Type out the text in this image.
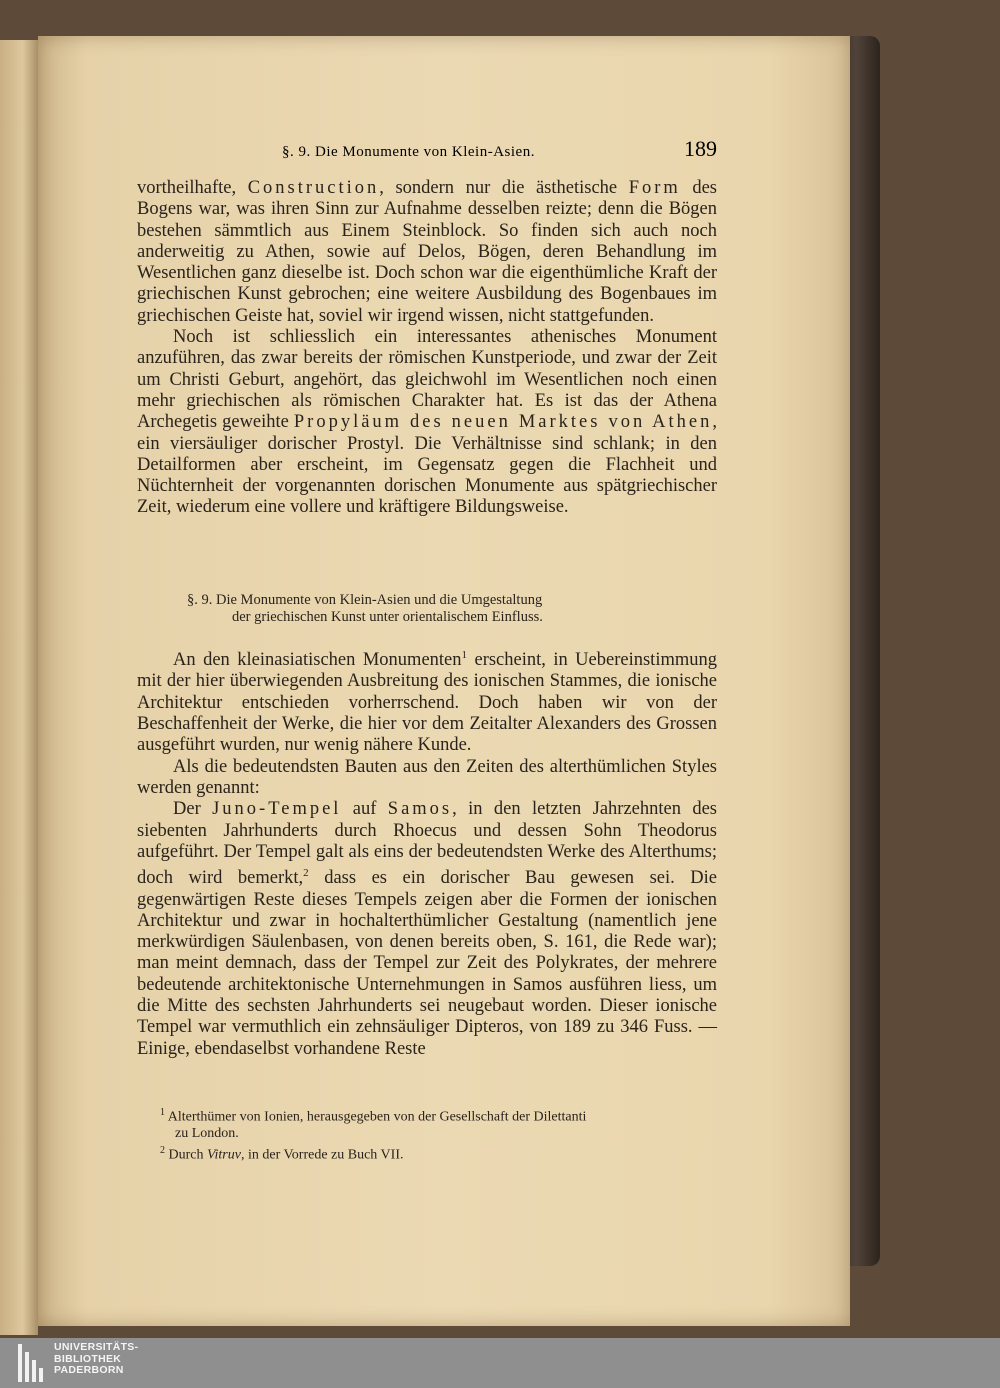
§. 9. Die Monumente von Klein-Asien.	189

vortheilhafte, Construction, sondern nur die ästhetische Form des Bogens war, was ihren Sinn zur Aufnahme desselben reizte; denn die Bögen bestehen sämmtlich aus Einem Steinblock. So finden sich auch noch anderweitig zu Athen, sowie auf Delos, Bögen, deren Behandlung im Wesentlichen ganz dieselbe ist. Doch schon war die eigenthümliche Kraft der griechischen Kunst gebrochen; eine weitere Ausbildung des Bogenbaues im griechischen Geiste hat, soviel wir irgend wissen, nicht stattgefunden.

Noch ist schliesslich ein interessantes athenisches Monument anzuführen, das zwar bereits der römischen Kunstperiode, und zwar der Zeit um Christi Geburt, angehört, das gleichwohl im Wesentlichen noch einen mehr griechischen als römischen Charakter hat. Es ist das der Athena Archegetis geweihte Propyläum des neuen Marktes von Athen, ein viersäuliger dorischer Prostyl. Die Verhältnisse sind schlank; in den Detailformen aber erscheint, im Gegensatz gegen die Flachheit und Nüchternheit der vorgenannten dorischen Monumente aus spätgriechischer Zeit, wiederum eine vollere und kräftigere Bildungsweise.

§. 9. Die Monumente von Klein-Asien und die Umgestaltung
der griechischen Kunst unter orientalischem Einfluss.

An den kleinasiatischen Monumenten$^1$ erscheint, in Uebereinstimmung mit der hier überwiegenden Ausbreitung des ionischen Stammes, die ionische Architektur entschieden vorherrschend. Doch haben wir von der Beschaffenheit der Werke, die hier vor dem Zeitalter Alexanders des Grossen ausgeführt wurden, nur wenig nähere Kunde.

Als die bedeutendsten Bauten aus den Zeiten des alterthümlichen Styles werden genannt:

Der Juno-Tempel auf Samos, in den letzten Jahrzehnten des siebenten Jahrhunderts durch Rhoecus und dessen Sohn Theodorus aufgeführt. Der Tempel galt als eins der bedeutendsten Werke des Alterthums; doch wird bemerkt,$^2$ dass es ein dorischer Bau gewesen sei. Die gegenwärtigen Reste dieses Tempels zeigen aber die Formen der ionischen Architektur und zwar in hochalterthümlicher Gestaltung (namentlich jene merkwürdigen Säulenbasen, von denen bereits oben, S. 161, die Rede war); man meint demnach, dass der Tempel zur Zeit des Polykrates, der mehrere bedeutende architektonische Unternehmungen in Samos ausführen liess, um die Mitte des sechsten Jahrhunderts sei neugebaut worden. Dieser ionische Tempel war vermuthlich ein zehnsäuliger Dipteros, von 189 zu 346 Fuss. — Einige, ebendaselbst vorhandene Reste

$^1$ Alterthümer von Ionien, herausgegeben von der Gesellschaft der Dilettanti
zu London.
$^2$ Durch Vitruv, in der Vorrede zu Buch VII.
UNIVERSITÄTS-
BIBLIOTHEK
PADERBORN
